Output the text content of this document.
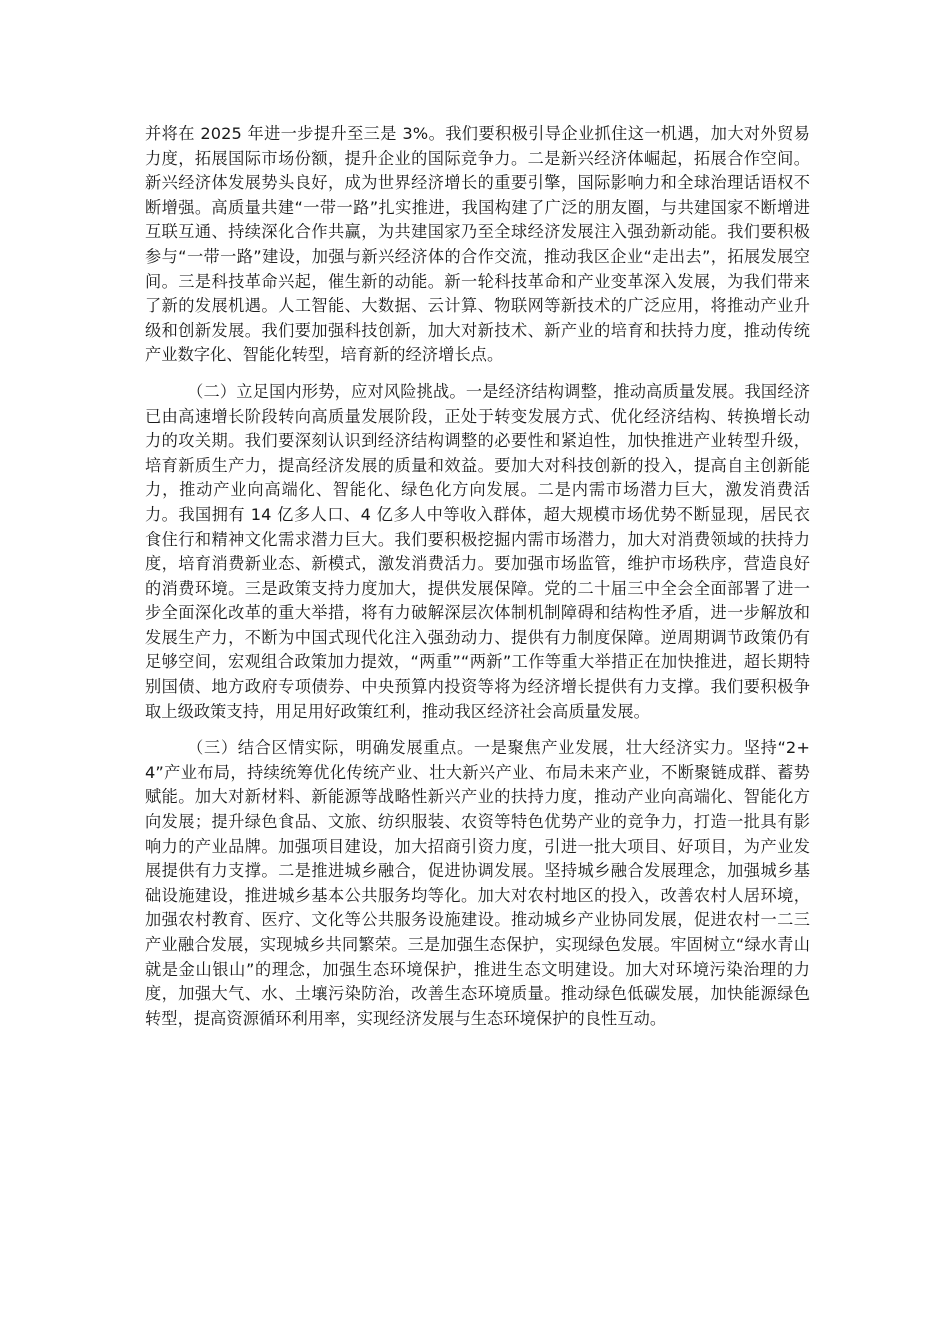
并将在 2025 年进一步提升至三是 3%。我们要积极引导企业抓住这一机遇，加大对外贸易力度，拓展国际市场份额，提升企业的国际竞争力。二是新兴经济体崛起，拓展合作空间。新兴经济体发展势头良好，成为世界经济增长的重要引擎，国际影响力和全球治理话语权不断增强。高质量共建“一带一路”扎实推进，我国构建了广泛的朋友圈，与共建国家不断增进互联互通、持续深化合作共赢，为共建国家乃至全球经济发展注入强劲新动能。我们要积极参与“一带一路”建设，加强与新兴经济体的合作交流，推动我区企业“走出去”，拓展发展空间。三是科技革命兴起，催生新的动能。新一轮科技革命和产业变革深入发展，为我们带来了新的发展机遇。人工智能、大数据、云计算、物联网等新技术的广泛应用，将推动产业升级和创新发展。我们要加强科技创新，加大对新技术、新产业的培育和扶持力度，推动传统产业数字化、智能化转型，培育新的经济增长点。

（二）立足国内形势，应对风险挑战。一是经济结构调整，推动高质量发展。我国经济已由高速增长阶段转向高质量发展阶段，正处于转变发展方式、优化经济结构、转换增长动力的攻关期。我们要深刻认识到经济结构调整的必要性和紧迫性，加快推进产业转型升级，培育新质生产力，提高经济发展的质量和效益。要加大对科技创新的投入，提高自主创新能力，推动产业向高端化、智能化、绿色化方向发展。二是内需市场潜力巨大，激发消费活力。我国拥有 14 亿多人口、4 亿多人中等收入群体，超大规模市场优势不断显现，居民衣食住行和精神文化需求潜力巨大。我们要积极挖掘内需市场潜力，加大对消费领域的扶持力度，培育消费新业态、新模式，激发消费活力。要加强市场监管，维护市场秩序，营造良好的消费环境。三是政策支持力度加大，提供发展保障。党的二十届三中全会全面部署了进一步全面深化改革的重大举措，将有力破解深层次体制机制障碍和结构性矛盾，进一步解放和发展生产力，不断为中国式现代化注入强劲动力、提供有力制度保障。逆周期调节政策仍有足够空间，宏观组合政策加力提效，“两重”“两新”工作等重大举措正在加快推进，超长期特别国债、地方政府专项债券、中央预算内投资等将为经济增长提供有力支撑。我们要积极争取上级政策支持，用足用好政策红利，推动我区经济社会高质量发展。

（三）结合区情实际，明确发展重点。一是聚焦产业发展，壮大经济实力。坚持“2+4”产业布局，持续统筹优化传统产业、壮大新兴产业、布局未来产业，不断聚链成群、蓄势赋能。加大对新材料、新能源等战略性新兴产业的扶持力度，推动产业向高端化、智能化方向发展；提升绿色食品、文旅、纺织服装、农资等特色优势产业的竞争力，打造一批具有影响力的产业品牌。加强项目建设，加大招商引资力度，引进一批大项目、好项目，为产业发展提供有力支撑。二是推进城乡融合，促进协调发展。坚持城乡融合发展理念，加强城乡基础设施建设，推进城乡基本公共服务均等化。加大对农村地区的投入，改善农村人居环境，加强农村教育、医疗、文化等公共服务设施建设。推动城乡产业协同发展，促进农村一二三产业融合发展，实现城乡共同繁荣。三是加强生态保护，实现绿色发展。牢固树立“绿水青山就是金山银山”的理念，加强生态环境保护，推进生态文明建设。加大对环境污染治理的力度，加强大气、水、土壤污染防治，改善生态环境质量。推动绿色低碳发展，加快能源绿色转型，提高资源循环利用率，实现经济发展与生态环境保护的良性互动。
